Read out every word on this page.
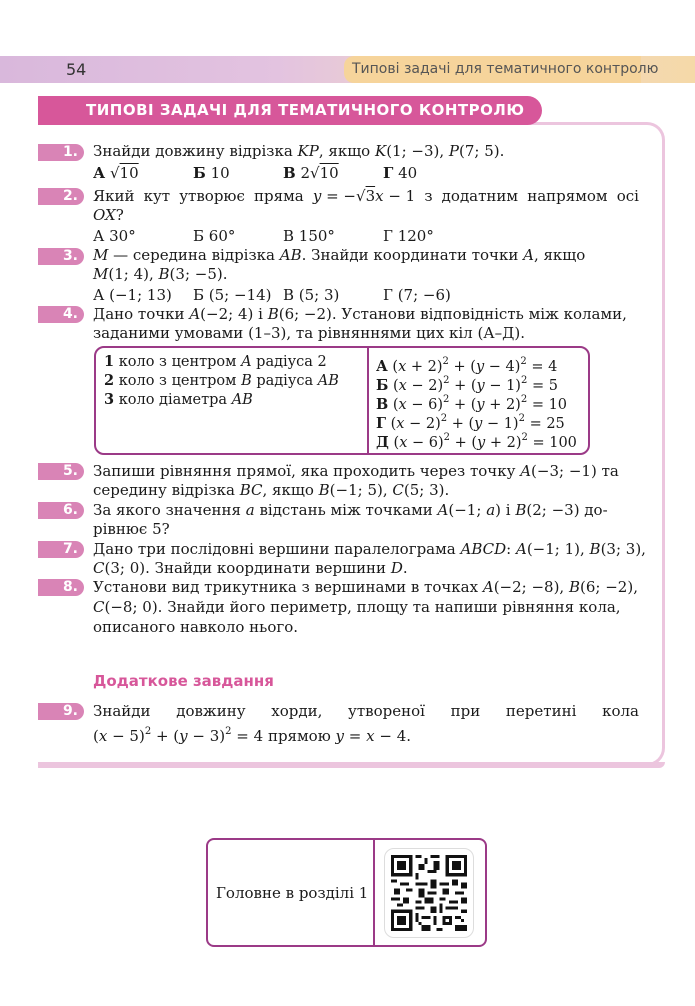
54	Типові задачі для тематичного контролю
ТИПОВІ ЗАДАЧІ ДЛЯ ТЕМАТИЧНОГО КОНТРОЛЮ
1. Знайди довжину відрізка KP, якщо K(1; −3), P(7; 5).
А √10	Б 10	В 2√10	Г 40
2. Який кут утворює пряма y = −√3x − 1 з додатним напрямом осі
OX?
А 30°	Б 60°	В 150°	Г 120°
3. M — середина відрізка AB. Знайди координати точки A, якщо
M(1; 4), B(3; −5).
А (−1; 13) Б (5; −14) В (5; 3)	Г (7; −6)
4. Дано точки A(−2; 4) і B(6; −2). Установи відповідність між колами,
заданими умовами (1–3), та рівняннями цих кіл (А–Д).
1 коло з центром A радіуса 2
2 коло з центром B радіуса AB
3 коло діаметра AB
А $(x + 2)^2 + (y - 4)^2 = 4$
Б $(x - 2)^2 + (y - 1)^2 = 5$
В $(x - 6)^2 + (y + 2)^2 = 10$
Г $(x - 2)^2 + (y - 1)^2 = 25$
Д $(x - 6)^2 + (y + 2)^2 = 100$
5. Запиши рівняння прямої, яка проходить через точку A(−3; −1) та
середину відрізка BC, якщо B(−1; 5), C(5; 3).
6. За якого значення a відстань між точками A(−1; a) і B(2; −3) до-
рівнює 5?
7. Дано три послідовні вершини паралелограма ABCD: A(−1; 1), B(3; 3),
C(3; 0). Знайди координати вершини D.
8. Установи вид трикутника з вершинами в точках A(−2; −8), B(6; −2),
C(−8; 0). Знайди його периметр, площу та напиши рівняння кола,
описаного навколо нього.
Додаткове завдання
9. Знайди довжину хорди, утвореної при перетині кола
$(x - 5)^2 + (y - 3)^2 = 4$ прямою y = x − 4.
Головне в розділі 1
